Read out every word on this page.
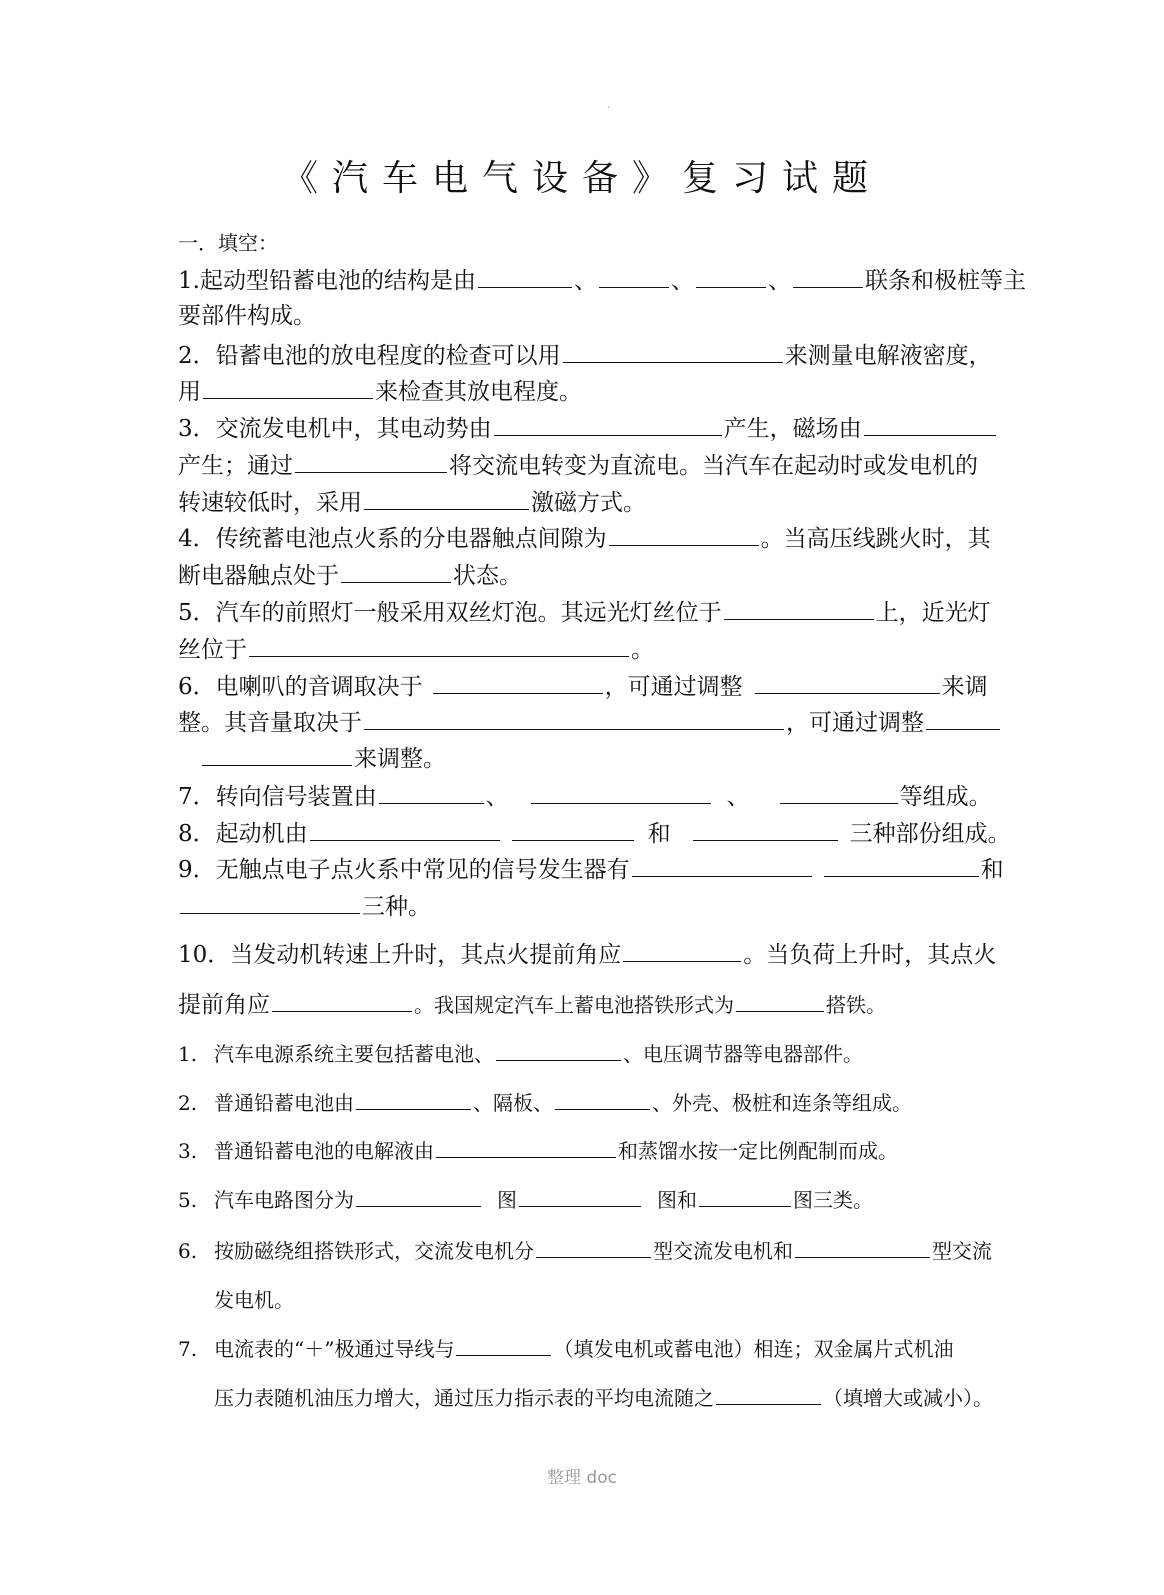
.
《汽车电气设备》复习试题
一．填空：
1.起动型铅蓄电池的结构是由	、	、	、	联条和极桩等主
要部件构成。
2．铅蓄电池的放电程度的检查可以用	来测量电解液密度，
用	来检查其放电程度。
3．交流发电机中，其电动势由	产生，磁场由
产生；通过	将交流电转变为直流电。当汽车在起动时或发电机的
转速较低时，采用	激磁方式。
4．传统蓄电池点火系的分电器触点间隙为	。当高压线跳火时，其
断电器触点处于	状态。
5．汽车的前照灯一般采用双丝灯泡。其远光灯丝位于	上，近光灯
丝位于	。
6．电喇叭的音调取决于	，可通过调整	来调
整。其音量取决于	，可通过调整
来调整。
7．转向信号装置由	、	、	等组成。
8．起动机由	和	三种部份组成。
9．无触点电子点火系中常见的信号发生器有	和
三种。
10．当发动机转速上升时，其点火提前角应	。当负荷上升时，其点火
提前角应	。我国规定汽车上蓄电池搭铁形式为	搭铁。
1. 汽车电源系统主要包括蓄电池、	、电压调节器等电器部件。
2. 普通铅蓄电池由	、隔板、	、外壳、极桩和连条等组成。
3. 普通铅蓄电池的电解液由	和蒸馏水按一定比例配制而成。
5. 汽车电路图分为	图	图和	图三类。
6. 按励磁绕组搭铁形式，交流发电机分	型交流发电机和	型交流
发电机。
7. 电流表的“＋”极通过导线与	（填发电机或蓄电池）相连；双金属片式机油
压力表随机油压力增大，通过压力指示表的平均电流随之	（填增大或减小）。
整理 doc
